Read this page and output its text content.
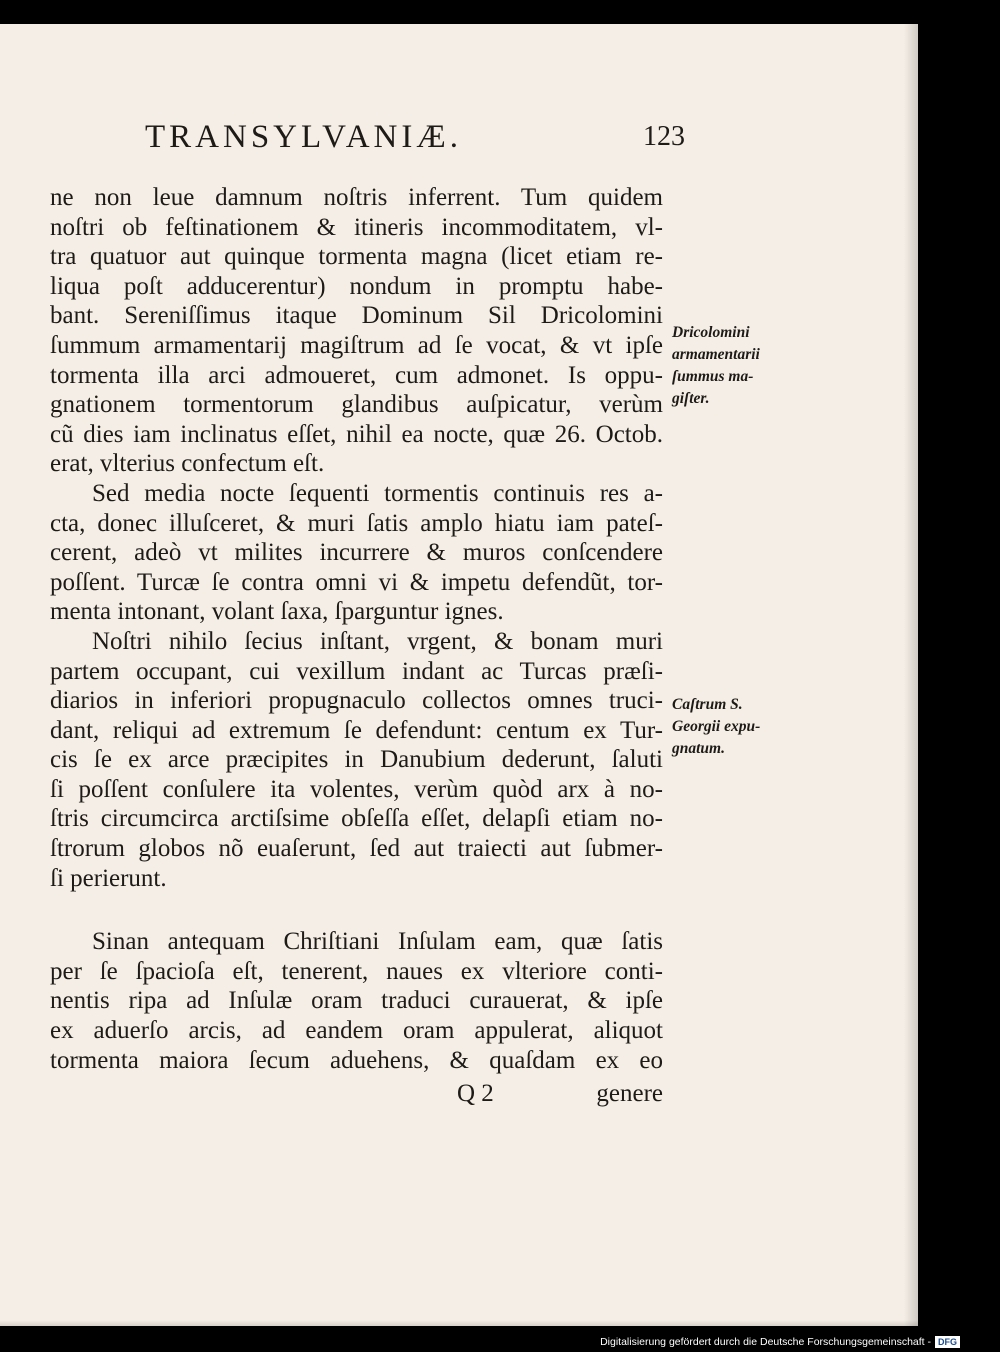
TRANSYLVANIÆ.	123
ne non leue damnum noſtris inferrent. Tum quidem
noſtri ob feſtinationem & itineris incommoditatem, vl-
tra quatuor aut quinque tormenta magna (licet etiam re-
liqua poſt adducerentur) nondum in promptu habe-
bant. Sereniſſimus itaque Dominum Sil Dricolomini
ſummum armamentarij magiſtrum ad ſe vocat, & vt ipſe
tormenta illa arci admoueret, cum admonet. Is oppu-
gnationem tormentorum glandibus auſpicatur, verùm
cũ dies iam inclinatus eſſet, nihil ea nocte, quæ 26. Octob.
erat, vlterius confectum eſt.
Sed media nocte ſequenti tormentis continuis res a-
cta, donec illuſceret, & muri ſatis amplo hiatu iam pateſ-
cerent, adeò vt milites incurrere & muros conſcendere
poſſent. Turcæ ſe contra omni vi & impetu defendũt, tor-
menta intonant, volant ſaxa, ſparguntur ignes.
Noſtri nihilo ſecius inſtant, vrgent, & bonam muri
partem occupant, cui vexillum indant ac Turcas præſi-
diarios in inferiori propugnaculo collectos omnes truci-
dant, reliqui ad extremum ſe defendunt: centum ex Tur-
cis ſe ex arce præcipites in Danubium dederunt, ſaluti
ſi poſſent conſulere ita volentes, verùm quòd arx à no-
ſtris circumcirca arctiſsime obſeſſa eſſet, delapſi etiam no-
ſtrorum globos nõ euaſerunt, ſed aut traiecti aut ſubmer-
ſi perierunt.
Sinan antequam Chriſtiani Inſulam eam, quæ ſatis
per ſe ſpacioſa eſt, tenerent, naues ex vlteriore conti-
nentis ripa ad Inſulæ oram traduci curauerat, & ipſe
ex aduerſo arcis, ad eandem oram appulerat, aliquot
tormenta maiora ſecum aduehens, & quaſdam ex eo
Dricolomini
armamentarii
ſummus ma-
giſter.
Caſtrum S.
Georgii expu-
gnatum.
Q 2	genere
Digitalisierung gefördert durch die Deutsche Forschungsgemeinschaft - DFG
